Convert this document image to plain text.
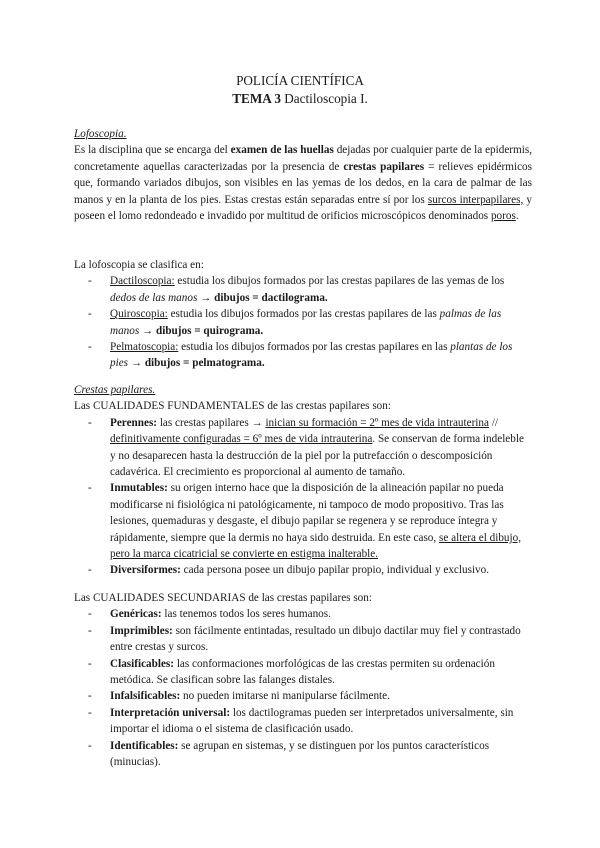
POLICÍA CIENTÍFICA
TEMA 3 Dactiloscopia I.
Lofoscopia.

Es la disciplina que se encarga del examen de las huellas dejadas por cualquier parte de la epidermis, concretamente aquellas caracterizadas por la presencia de crestas papilares = relieves epidérmicos que, formando variados dibujos, son visibles en las yemas de los dedos, en la cara de palmar de las manos y en la planta de los pies. Estas crestas están separadas entre sí por los surcos interpapilares, y poseen el lomo redondeado e invadido por multitud de orificios microscópicos denominados poros.

La lofoscopia se clasifica en:

- Dactiloscopia: estudia los dibujos formados por las crestas papilares de las yemas de los dedos de las manos → dibujos = dactilograma.
- Quiroscopia: estudia los dibujos formados por las crestas papilares de las palmas de las manos → dibujos = quirograma.
- Pelmatoscopia: estudia los dibujos formados por las crestas papilares en las plantas de los pies → dibujos = pelmatograma.
Crestas papilares.

Las CUALIDADES FUNDAMENTALES de las crestas papilares son:

- Perennes: las crestas papilares → inician su formación = 2º mes de vida intrauterina // definitivamente configuradas = 6º mes de vida intrauterina. Se conservan de forma indeleble y no desaparecen hasta la destrucción de la piel por la putrefacción o descomposición cadavérica. El crecimiento es proporcional al aumento de tamaño.
- Inmutables: su origen interno hace que la disposición de la alineación papilar no pueda modificarse ni fisiológica ni patológicamente, ni tampoco de modo propositivo. Tras las lesiones, quemaduras y desgaste, el dibujo papilar se regenera y se reproduce íntegra y rápidamente, siempre que la dermis no haya sido destruida. En este caso, se altera el dibujo, pero la marca cicatricial se convierte en estigma inalterable.
- Diversiformes: cada persona posee un dibujo papilar propio, individual y exclusivo.

Las CUALIDADES SECUNDARIAS de las crestas papilares son:

- Genéricas: las tenemos todos los seres humanos.
- Imprimibles: son fácilmente entintadas, resultado un dibujo dactilar muy fiel y contrastado entre crestas y surcos.
- Clasificables: las conformaciones morfológicas de las crestas permiten su ordenación metódica. Se clasifican sobre las falanges distales.
- Infalsificables: no pueden imitarse ni manipularse fácilmente.
- Interpretación universal: los dactilogramas pueden ser interpretados universalmente, sin importar el idioma o el sistema de clasificación usado.
- Identificables: se agrupan en sistemas, y se distinguen por los puntos característicos (minucias).
